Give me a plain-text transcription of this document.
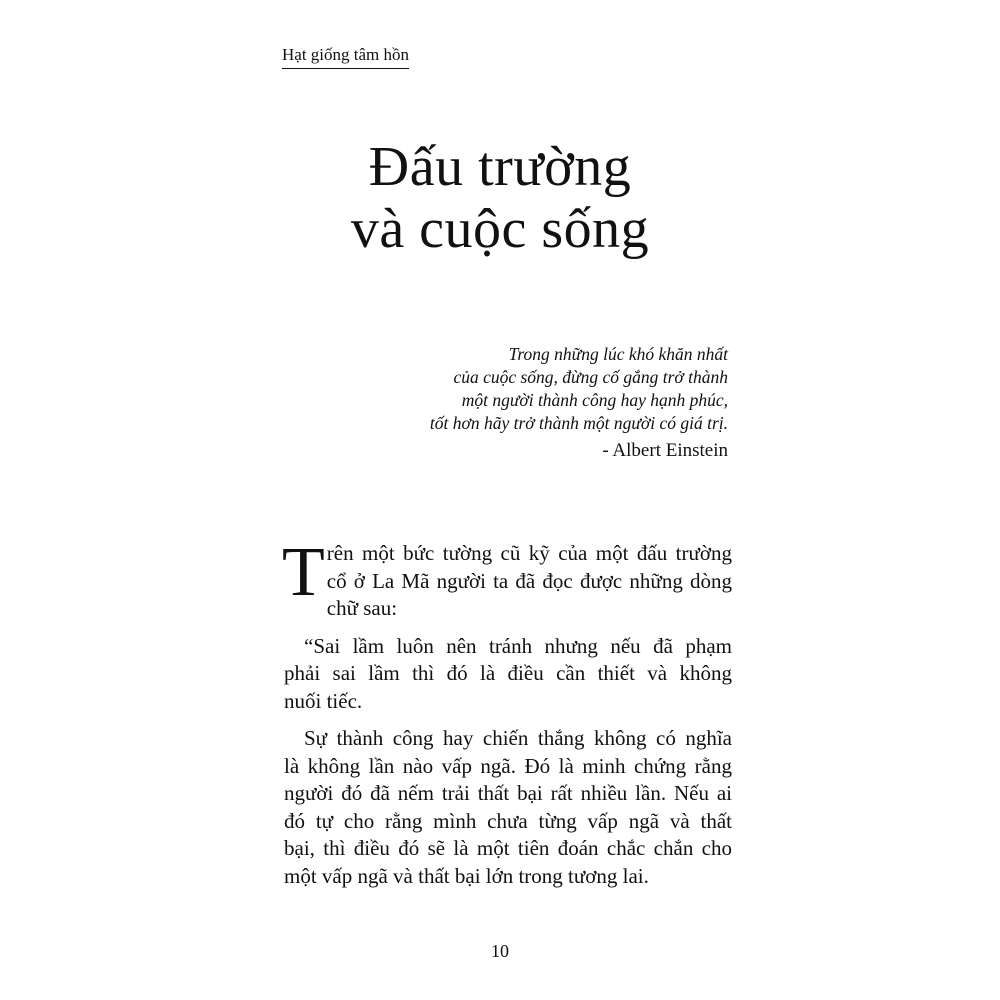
Hạt giống tâm hồn
Đấu trường
và cuộc sống
Trong những lúc khó khăn nhất
của cuộc sống, đừng cố gắng trở thành
một người thành công hay hạnh phúc,
tốt hơn hãy trở thành một người có giá trị.
- Albert Einstein
T rên một bức tường cũ kỹ của một đấu trường
cổ ở La Mã người ta đã đọc được những dòng
chữ sau:
“Sai lầm luôn nên tránh nhưng nếu đã phạm
phải sai lầm thì đó là điều cần thiết và không
nuối tiếc.
Sự thành công hay chiến thắng không có nghĩa
là không lần nào vấp ngã. Đó là minh chứng rằng
người đó đã nếm trải thất bại rất nhiều lần. Nếu ai
đó tự cho rằng mình chưa từng vấp ngã và thất
bại, thì điều đó sẽ là một tiên đoán chắc chắn cho
một vấp ngã và thất bại lớn trong tương lai.
10
